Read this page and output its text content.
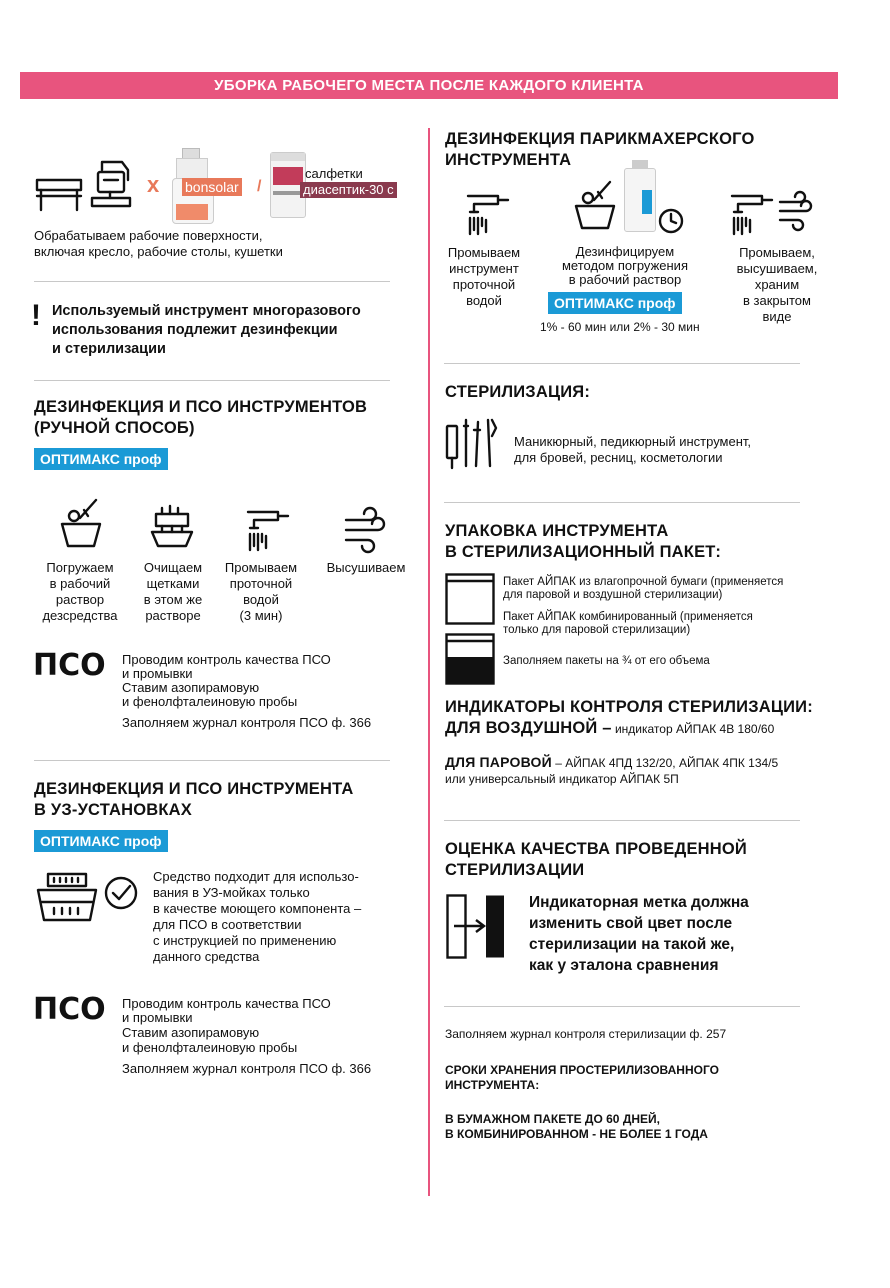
УБОРКА РАБОЧЕГО МЕСТА ПОСЛЕ КАЖДОГО КЛИЕНТА
x bonsolar /
салфетки
диасептик-30 с
Обрабатываем рабочие поверхности,
включая кресло, рабочие столы, кушетки
! Используемый инструмент многоразового
использования подлежит дезинфекции
и стерилизации
ДЕЗИНФЕКЦИЯ И ПСО ИНСТРУМЕНТОВ
(РУЧНОЙ СПОСОБ)
ОПТИМАКС проф
Погружаем
в рабочий
раствор
дезсредства
Очищаем
щетками
в этом же
растворе
Промываем
проточной
водой
(3 мин)
Высушиваем
ПСО Проводим контроль качества ПСО
и промывки
Ставим азопирамовую
и фенолфталеиновую пробы
Заполняем журнал контроля ПСО ф. 366
ДЕЗИНФЕКЦИЯ И ПСО ИНСТРУМЕНТА
В УЗ-УСТАНОВКАХ
ОПТИМАКС проф
Средство подходит для использо-
вания в УЗ-мойках только
в качестве моющего компонента –
для ПСО в соответствии
с инструкцией по применению
данного средства
ПСО Проводим контроль качества ПСО
и промывки
Ставим азопирамовую
и фенолфталеиновую пробы
Заполняем журнал контроля ПСО ф. 366
ДЕЗИНФЕКЦИЯ ПАРИКМАХЕРСКОГО
ИНСТРУМЕНТА
Промываем
инструмент
проточной
водой
Дезинфицируем
методом погружения
в рабочий раствор
ОПТИМАКС проф
1% - 60 мин или 2% - 30 мин
Промываем,
высушиваем,
храним
в закрытом
виде
СТЕРИЛИЗАЦИЯ:
Маникюрный, педикюрный инструмент,
для бровей, ресниц, косметологии
УПАКОВКА ИНСТРУМЕНТА
В СТЕРИЛИЗАЦИОННЫЙ ПАКЕТ:
Пакет АЙПАК из влагопрочной бумаги (применяется
для паровой и воздушной стерилизации)
Пакет АЙПАК комбинированный (применяется
только для паровой стерилизации)
Заполняем пакеты на ¾ от его объема
ИНДИКАТОРЫ КОНТРОЛЯ СТЕРИЛИЗАЦИИ:
ДЛЯ ВОЗДУШНОЙ – индикатор АЙПАК 4В 180/60
ДЛЯ ПАРОВОЙ – АЙПАК 4ПД 132/20, АЙПАК 4ПК 134/5
или универсальный индикатор АЙПАК 5П
ОЦЕНКА КАЧЕСТВА ПРОВЕДЕННОЙ
СТЕРИЛИЗАЦИИ
Индикаторная метка должна
изменить свой цвет после
стерилизации на такой же,
как у эталона сравнения
Заполняем журнал контроля стерилизации ф. 257
СРОКИ ХРАНЕНИЯ ПРОСТЕРИЛИЗОВАННОГО
ИНСТРУМЕНТА:
В БУМАЖНОМ ПАКЕТЕ ДО 60 ДНЕЙ,
В КОМБИНИРОВАННОМ - НЕ БОЛЕЕ 1 ГОДА
